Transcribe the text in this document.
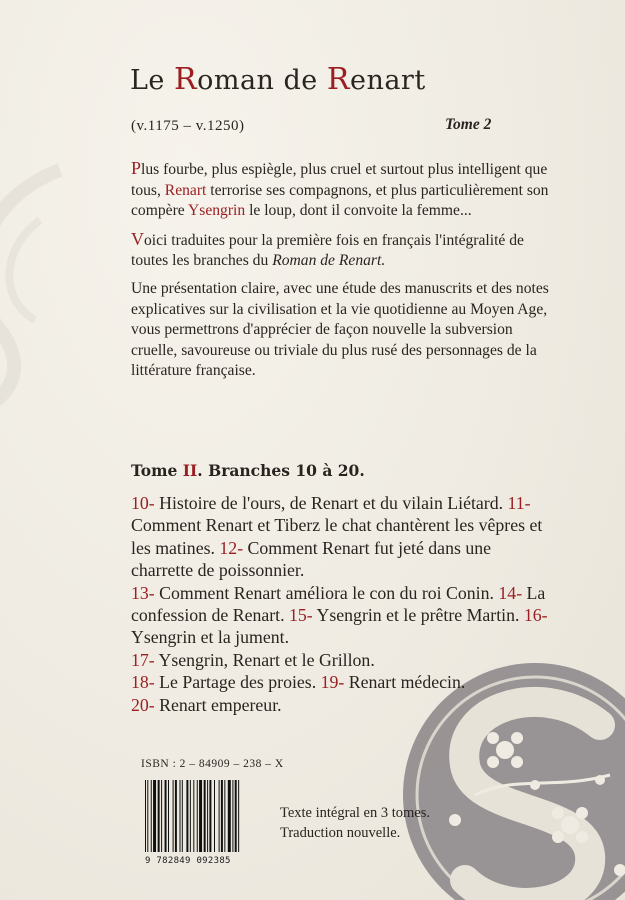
Le Roman de Renart
(v.1175 – v.1250)	Tome 2

Plus fourbe, plus espiègle, plus cruel et surtout plus intelligent que tous, Renart terrorise ses compagnons, et plus particulièrement son compère Ysengrin le loup, dont il convoite la femme...

Voici traduites pour la première fois en français l'intégralité de toutes les branches du Roman de Renart.

Une présentation claire, avec une étude des manuscrits et des notes explicatives sur la civilisation et la vie quotidienne au Moyen Age, vous permettrons d'apprécier de façon nouvelle la subversion cruelle, savoureuse ou triviale du plus rusé des personnages de la littérature française.

Tome II. Branches 10 à 20.
10- Histoire de l'ours, de Renart et du vilain Liétard. 11- Comment Renart et Tiberz le chat chantèrent les vêpres et les matines. 12- Comment Renart fut jeté dans une charrette de poissonnier.
13- Comment Renart améliora le con du roi Conin. 14- La confession de Renart. 15- Ysengrin et le prêtre Martin. 16- Ysengrin et la jument.
17- Ysengrin, Renart et le Grillon.
18- Le Partage des proies. 19- Renart médecin.
20- Renart empereur.
ISBN : 2 – 84909 – 238 – X
9 782849 092385
Texte intégral en 3 tomes.
Traduction nouvelle.
